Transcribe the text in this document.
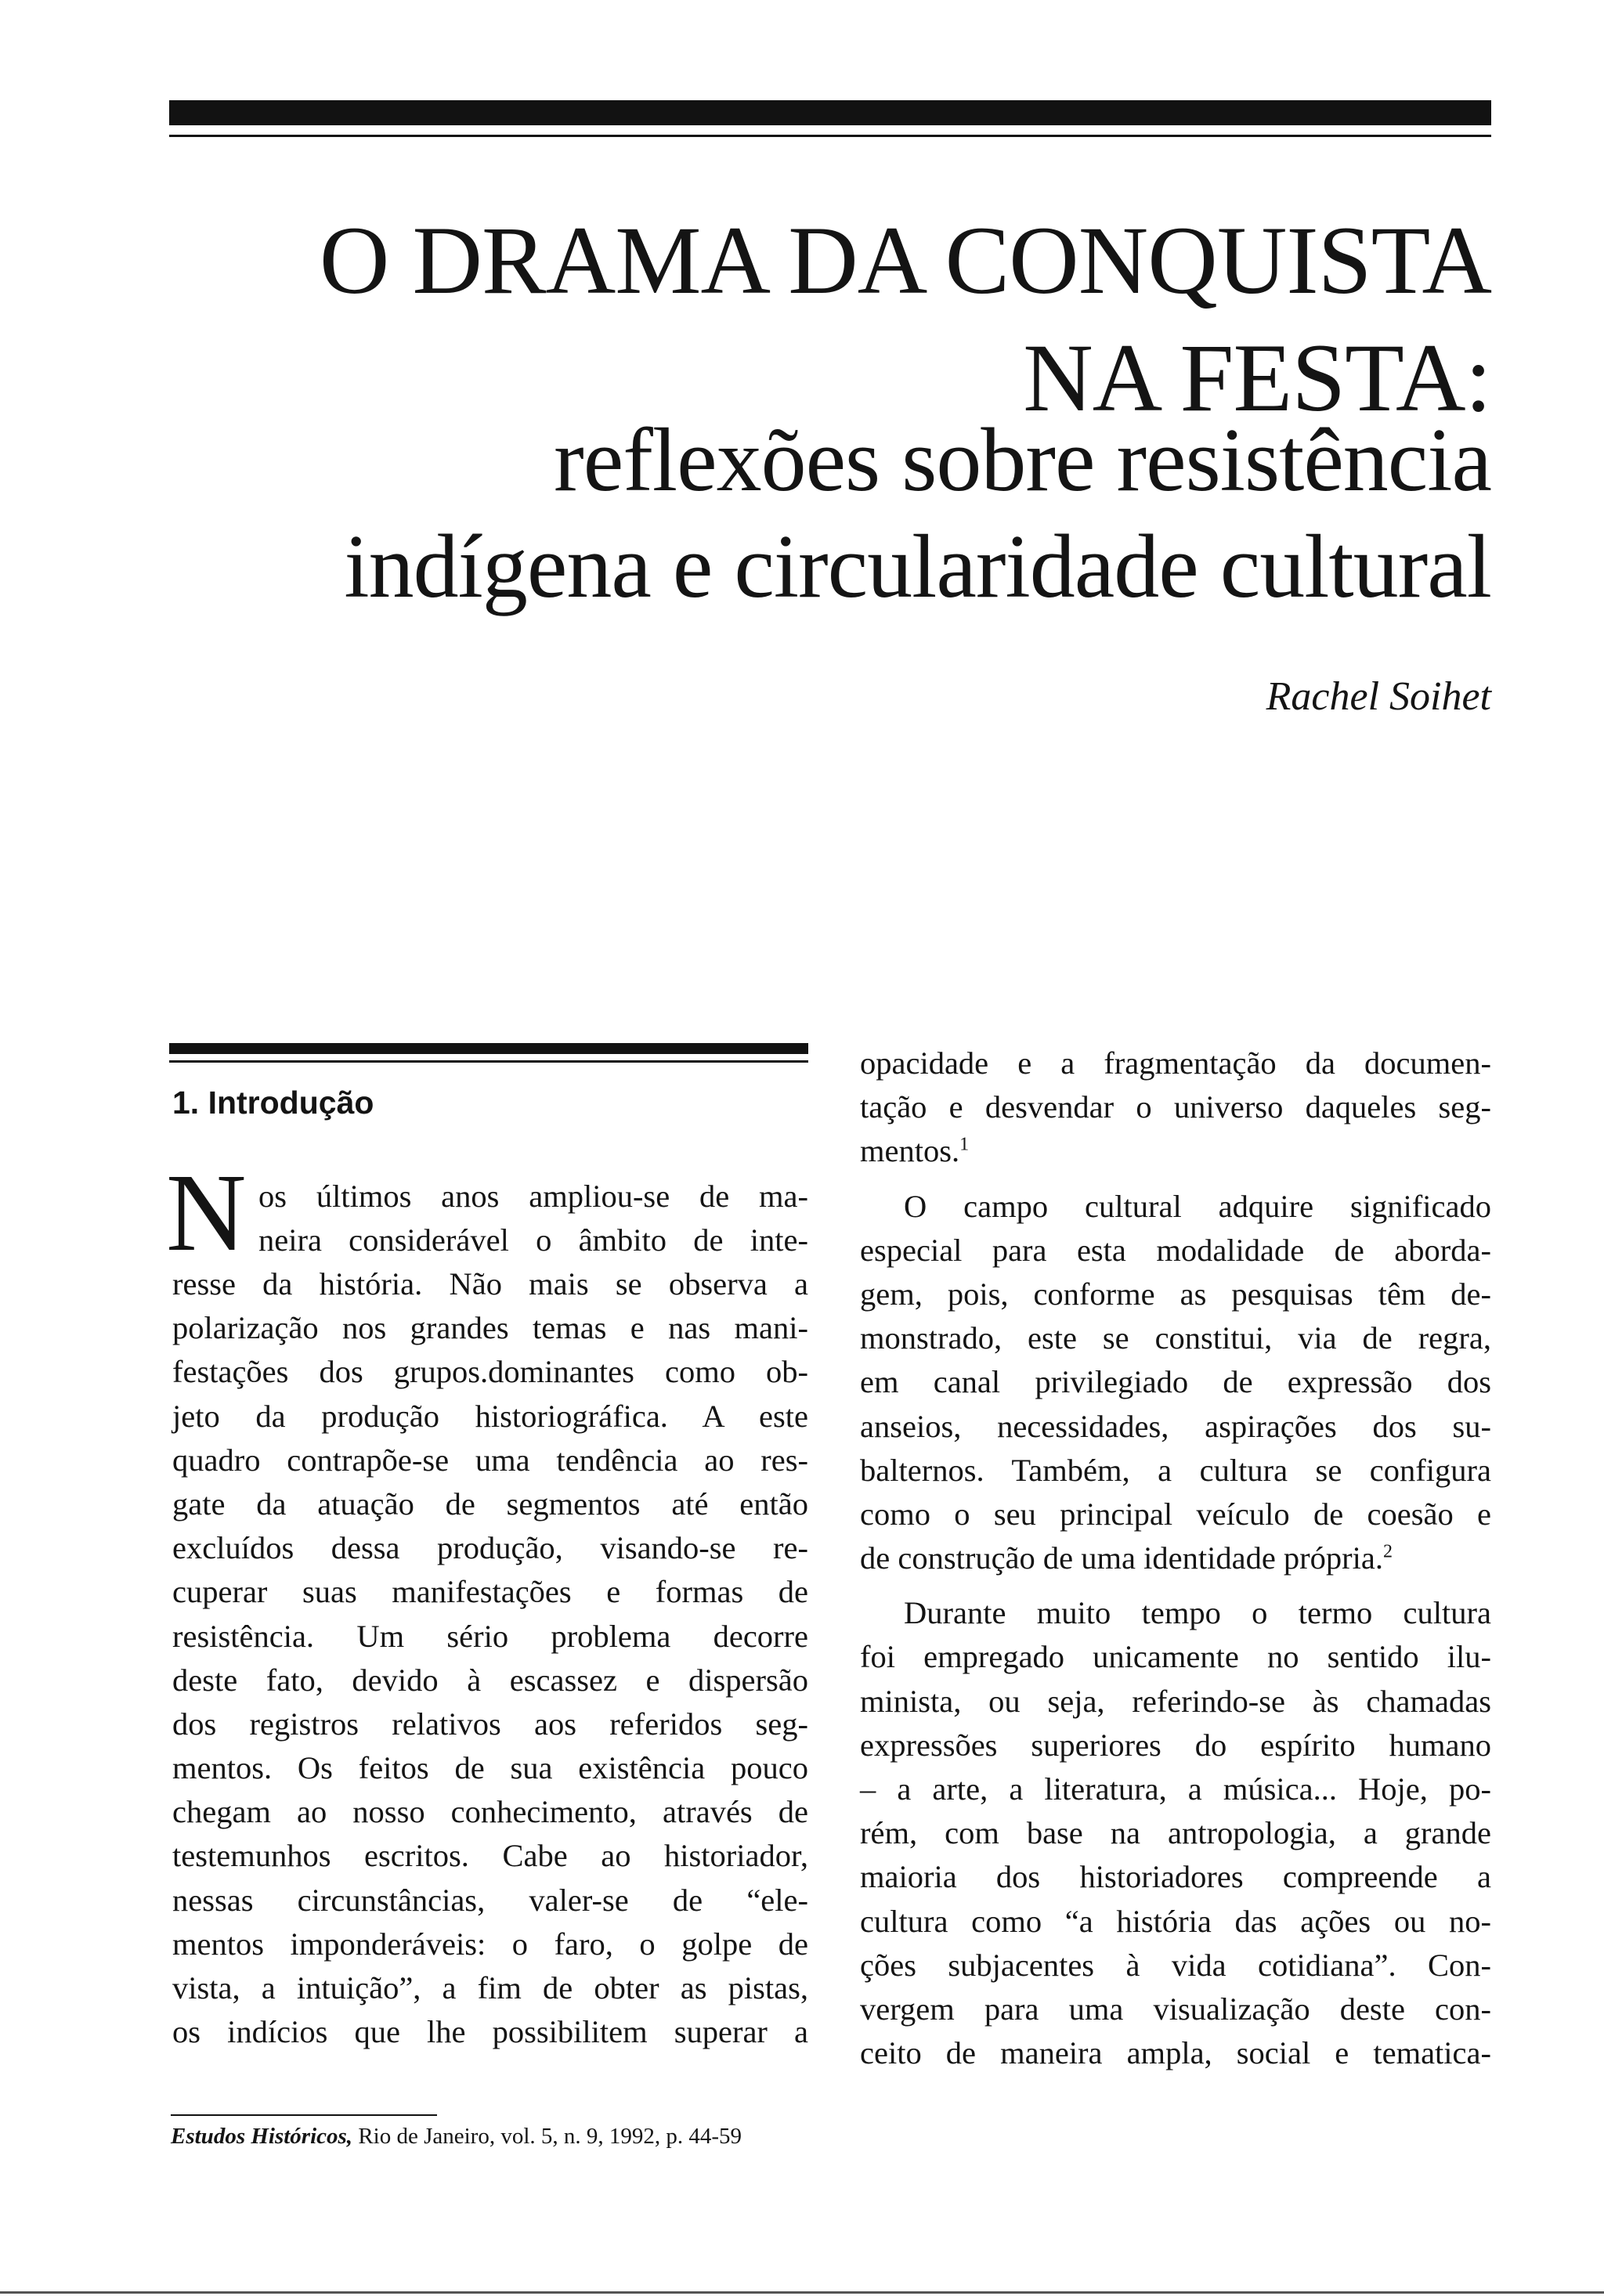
O DRAMA DA CONQUISTA
NA FESTA:
reflexões sobre resistência
indígena e circularidade cultural
Rachel Soihet
1. Introdução
N os últimos anos ampliou-se de ma-
neira considerável o âmbito de inte-
resse da história. Não mais se observa a
polarização nos grandes temas e nas mani-
festações dos grupos.dominantes como ob-
jeto da produção historiográfica. A este
quadro contrapõe-se uma tendência ao res-
gate da atuação de segmentos até então
excluídos dessa produção, visando-se re-
cuperar suas manifestações e formas de
resistência. Um sério problema decorre
deste fato, devido à escassez e dispersão
dos registros relativos aos referidos seg-
mentos. Os feitos de sua existência pouco
chegam ao nosso conhecimento, através de
testemunhos escritos. Cabe ao historiador,
nessas circunstâncias, valer-se de “ele-
mentos imponderáveis: o faro, o golpe de
vista, a intuição”, a fim de obter as pistas,
os indícios que lhe possibilitem superar a
opacidade e a fragmentação da documen-
tação e desvendar o universo daqueles seg-
mentos.$^1$
O campo cultural adquire significado
especial para esta modalidade de aborda-
gem, pois, conforme as pesquisas têm de-
monstrado, este se constitui, via de regra,
em canal privilegiado de expressão dos
anseios, necessidades, aspirações dos su-
balternos. Também, a cultura se configura
como o seu principal veículo de coesão e
de construção de uma identidade própria.$^2$
Durante muito tempo o termo cultura
foi empregado unicamente no sentido ilu-
minista, ou seja, referindo-se às chamadas
expressões superiores do espírito humano
– a arte, a literatura, a música... Hoje, po-
rém, com base na antropologia, a grande
maioria dos historiadores compreende a
cultura como “a história das ações ou no-
ções subjacentes à vida cotidiana”. Con-
vergem para uma visualização deste con-
ceito de maneira ampla, social e tematica-
Estudos Históricos, Rio de Janeiro, vol. 5, n. 9, 1992, p. 44-59
